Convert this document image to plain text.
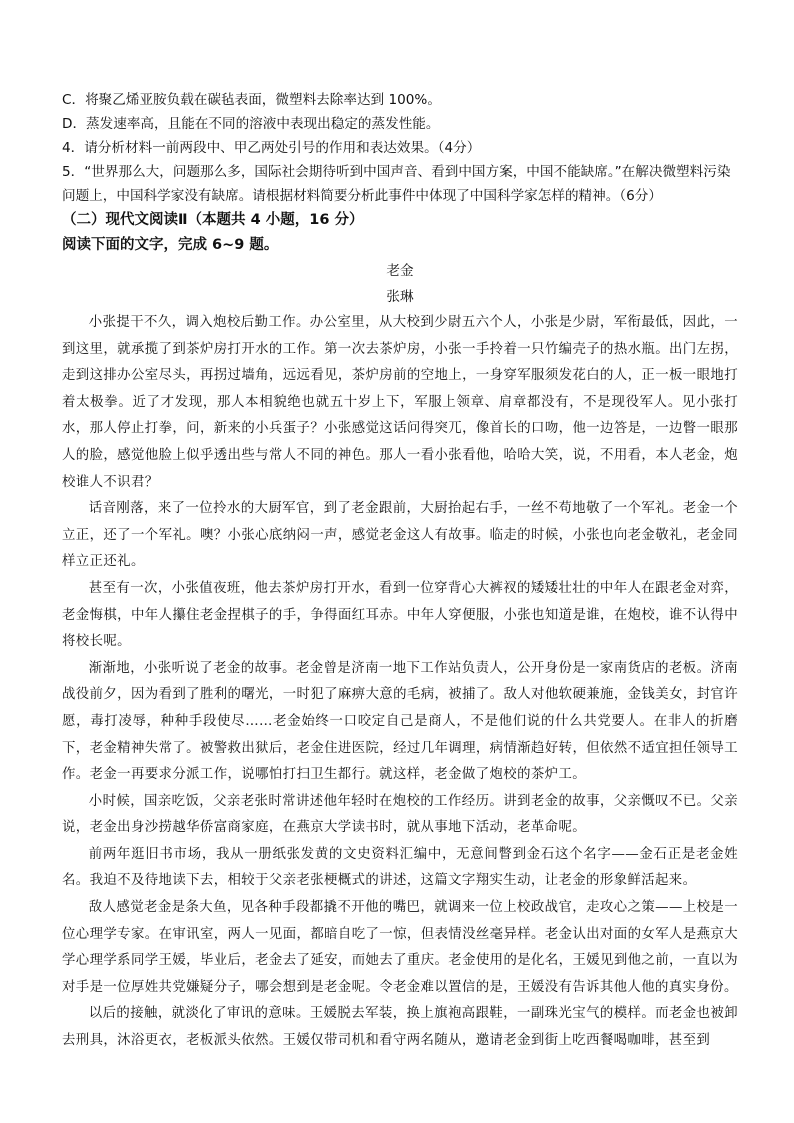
C．将聚乙烯亚胺负载在碳毡表面，微塑料去除率达到 100%。

D．蒸发速率高，且能在不同的溶液中表现出稳定的蒸发性能。

4．请分析材料一前两段中、甲乙两处引号的作用和表达效果。（4分）

5．“世界那么大，问题那么多，国际社会期待听到中国声音、看到中国方案，中国不能缺席。”在解决微塑料污染问题上，中国科学家没有缺席。请根据材料简要分析此事件中体现了中国科学家怎样的精神。（6分）

（二）现代文阅读Ⅱ（本题共 4 小题，16 分）

阅读下面的文字，完成 6~9 题。

老金

张琳

小张提干不久，调入炮校后勤工作。办公室里，从大校到少尉五六个人，小张是少尉，军衔最低，因此，一到这里，就承揽了到茶炉房打开水的工作。第一次去茶炉房，小张一手拎着一只竹编壳子的热水瓶。出门左拐，走到这排办公室尽头，再拐过墙角，远远看见，茶炉房前的空地上，一身穿军服须发花白的人，正一板一眼地打着太极拳。近了才发现，那人本相貌绝也就五十岁上下，军服上领章、肩章都没有，不是现役军人。见小张打水，那人停止打拳，问，新来的小兵蛋子？小张感觉这话问得突兀，像首长的口吻，他一边答是，一边瞥一眼那人的脸，感觉他脸上似乎透出些与常人不同的神色。那人一看小张看他，哈哈大笑，说，不用看，本人老金，炮校谁人不识君？

话音刚落，来了一位拎水的大厨军官，到了老金跟前，大厨抬起右手，一丝不苟地敬了一个军礼。老金一个立正，还了一个军礼。噢？小张心底纳闷一声，感觉老金这人有故事。临走的时候，小张也向老金敬礼，老金同样立正还礼。

甚至有一次，小张值夜班，他去茶炉房打开水，看到一位穿背心大裤衩的矮矮壮壮的中年人在跟老金对弈，老金悔棋，中年人攥住老金捏棋子的手，争得面红耳赤。中年人穿便服，小张也知道是谁，在炮校，谁不认得中将校长呢。

渐渐地，小张听说了老金的故事。老金曾是济南一地下工作站负责人，公开身份是一家南货店的老板。济南战役前夕，因为看到了胜利的曙光，一时犯了麻痹大意的毛病，被捕了。敌人对他软硬兼施，金钱美女，封官许愿，毒打凌辱，种种手段使尽……老金始终一口咬定自己是商人，不是他们说的什么共党要人。在非人的折磨下，老金精神失常了。被警救出狱后，老金住进医院，经过几年调理，病情渐趋好转，但依然不适宜担任领导工作。老金一再要求分派工作，说哪怕打扫卫生都行。就这样，老金做了炮校的茶炉工。

小时候，国亲吃饭，父亲老张时常讲述他年轻时在炮校的工作经历。讲到老金的故事，父亲慨叹不已。父亲说，老金出身沙捞越华侨富商家庭，在燕京大学读书时，就从事地下活动，老革命呢。

前两年逛旧书市场，我从一册纸张发黄的文史资料汇编中，无意间瞥到金石这个名字——金石正是老金姓名。我迫不及待地读下去，相较于父亲老张梗概式的讲述，这篇文字翔实生动，让老金的形象鲜活起来。

敌人感觉老金是条大鱼，见各种手段都撬不开他的嘴巴，就调来一位上校政战官，走攻心之策——上校是一位心理学专家。在审讯室，两人一见面，都暗自吃了一惊，但表情没丝毫异样。老金认出对面的女军人是燕京大学心理学系同学王媛，毕业后，老金去了延安，而她去了重庆。老金使用的是化名，王媛见到他之前，一直以为对手是一位厚姓共党嫌疑分子，哪会想到是老金呢。令老金难以置信的是，王媛没有告诉其他人他的真实身份。

以后的接触，就淡化了审讯的意味。王媛脱去军装，换上旗袍高跟鞋，一副珠光宝气的模样。而老金也被卸去刑具，沐浴更衣，老板派头依然。王媛仅带司机和看守两名随从，邀请老金到街上吃西餐喝咖啡，甚至到
